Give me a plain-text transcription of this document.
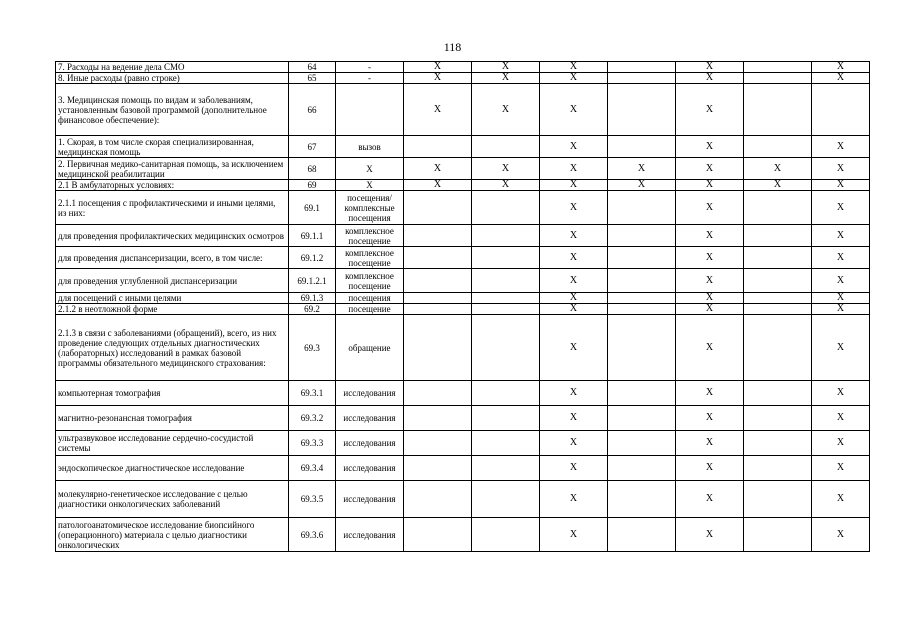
118
7. Расходы на ведение дела СМО	64	-	X	X	X		X		X
8. Иные расходы (равно строке)	65	-	X	X	X		X		X
3. Медицинская помощь по видам и заболеваниям, установленным базовой программой (дополнительное финансовое обеспечение):	66		X	X	X		X		
1. Скорая, в том числе скорая специализированная, медицинская помощь	67	вызов			X		X		X
2. Первичная медико-санитарная помощь, за исключением медицинской реабилитации	68	X	X	X	X	X	X	X	X
2.1 В амбулаторных условиях:	69	X	X	X	X	X	X	X	X
2.1.1 посещения с профилактическими и иными целями, из них:	69.1	посещения/комплексные посещения			X		X		X
для проведения профилактических медицинских осмотров	69.1.1	комплексное посещение			X		X		X
для проведения диспансеризации, всего, в том числе:	69.1.2	комплексное посещение			X		X		X
для проведения углубленной диспансеризации	69.1.2.1	комплексное посещение			X		X		X
для посещений с иными целями	69.1.3	посещения			X		X		X
2.1.2 в неотложной форме	69.2	посещение			X		X		X
2.1.3 в связи с заболеваниями (обращений), всего, из них проведение следующих отдельных диагностических (лабораторных) исследований в рамках базовой программы обязательного медицинского страхования:	69.3	обращение			X		X		X
компьютерная томография	69.3.1	исследования			X		X		X
магнитно-резонансная томография	69.3.2	исследования			X		X		X
ультразвуковое исследование сердечно-сосудистой системы	69.3.3	исследования			X		X		X
эндоскопическое диагностическое исследование	69.3.4	исследования			X		X		X
молекулярно-генетическое исследование с целью диагностики онкологических заболеваний	69.3.5	исследования			X		X		X
патологоанатомическое исследование биопсийного (операционного) материала с целью диагностики онкологических	69.3.6	исследования			X		X		X
